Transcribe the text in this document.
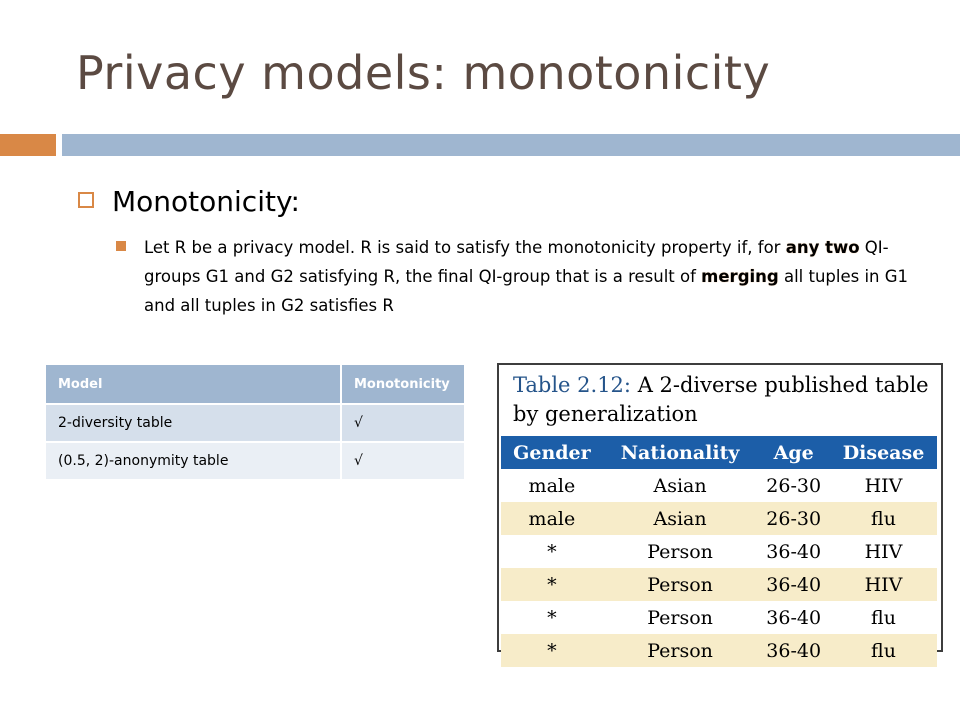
Privacy models: monotonicity
Monotonicity:
Let R be a privacy model. R is said to satisfy the monotonicity property if, for any two QI-groups G1 and G2 satisfying R, the final QI-group that is a result of merging all tuples in G1 and all tuples in G2 satisfies R
Model	Monotonicity
2-diversity table	√
(0.5, 2)-anonymity table	√
Table 2.12: A 2-diverse published table by generalization
Gender	Nationality	Age	Disease
male	Asian	26-30	HIV
male	Asian	26-30	flu
*	Person	36-40	HIV
*	Person	36-40	HIV
*	Person	36-40	flu
*	Person	36-40	flu
